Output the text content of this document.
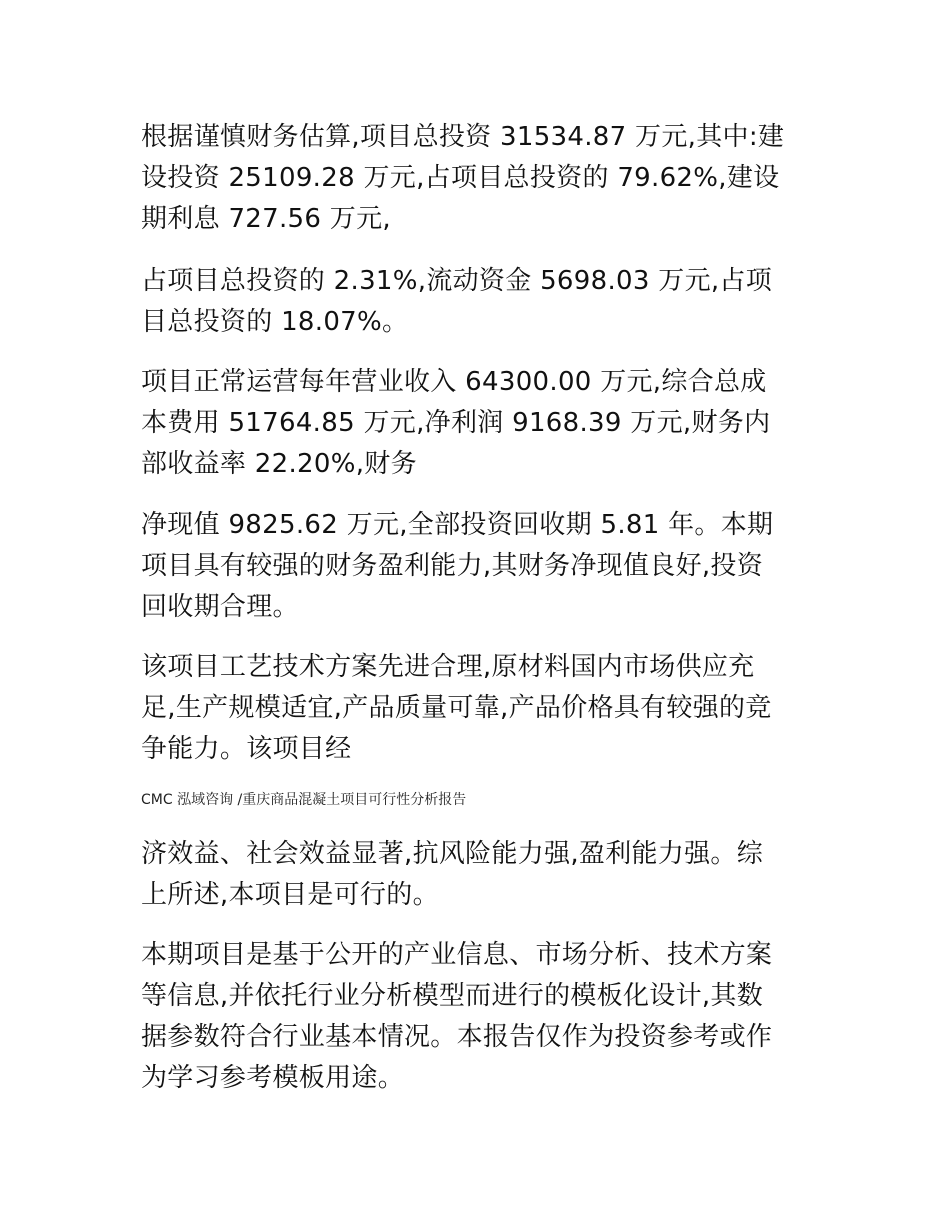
根据谨慎财务估算,项目总投资 31534.87 万元,其中:建
设投资 25109.28 万元,占项目总投资的 79.62%,建设
期利息 727.56 万元,

占项目总投资的 2.31%,流动资金 5698.03 万元,占项
目总投资的 18.07%。

项目正常运营每年营业收入 64300.00 万元,综合总成
本费用 51764.85 万元,净利润 9168.39 万元,财务内
部收益率 22.20%,财务

净现值 9825.62 万元,全部投资回收期 5.81 年。本期
项目具有较强的财务盈利能力,其财务净现值良好,投资
回收期合理。

该项目工艺技术方案先进合理,原材料国内市场供应充
足,生产规模适宜,产品质量可靠,产品价格具有较强的竞
争能力。该项目经

CMC 泓域咨询 /重庆商品混凝土项目可行性分析报告

济效益、社会效益显著,抗风险能力强,盈利能力强。综
上所述,本项目是可行的。

本期项目是基于公开的产业信息、市场分析、技术方案
等信息,并依托行业分析模型而进行的模板化设计,其数
据参数符合行业基本情况。本报告仅作为投资参考或作
为学习参考模板用途。
